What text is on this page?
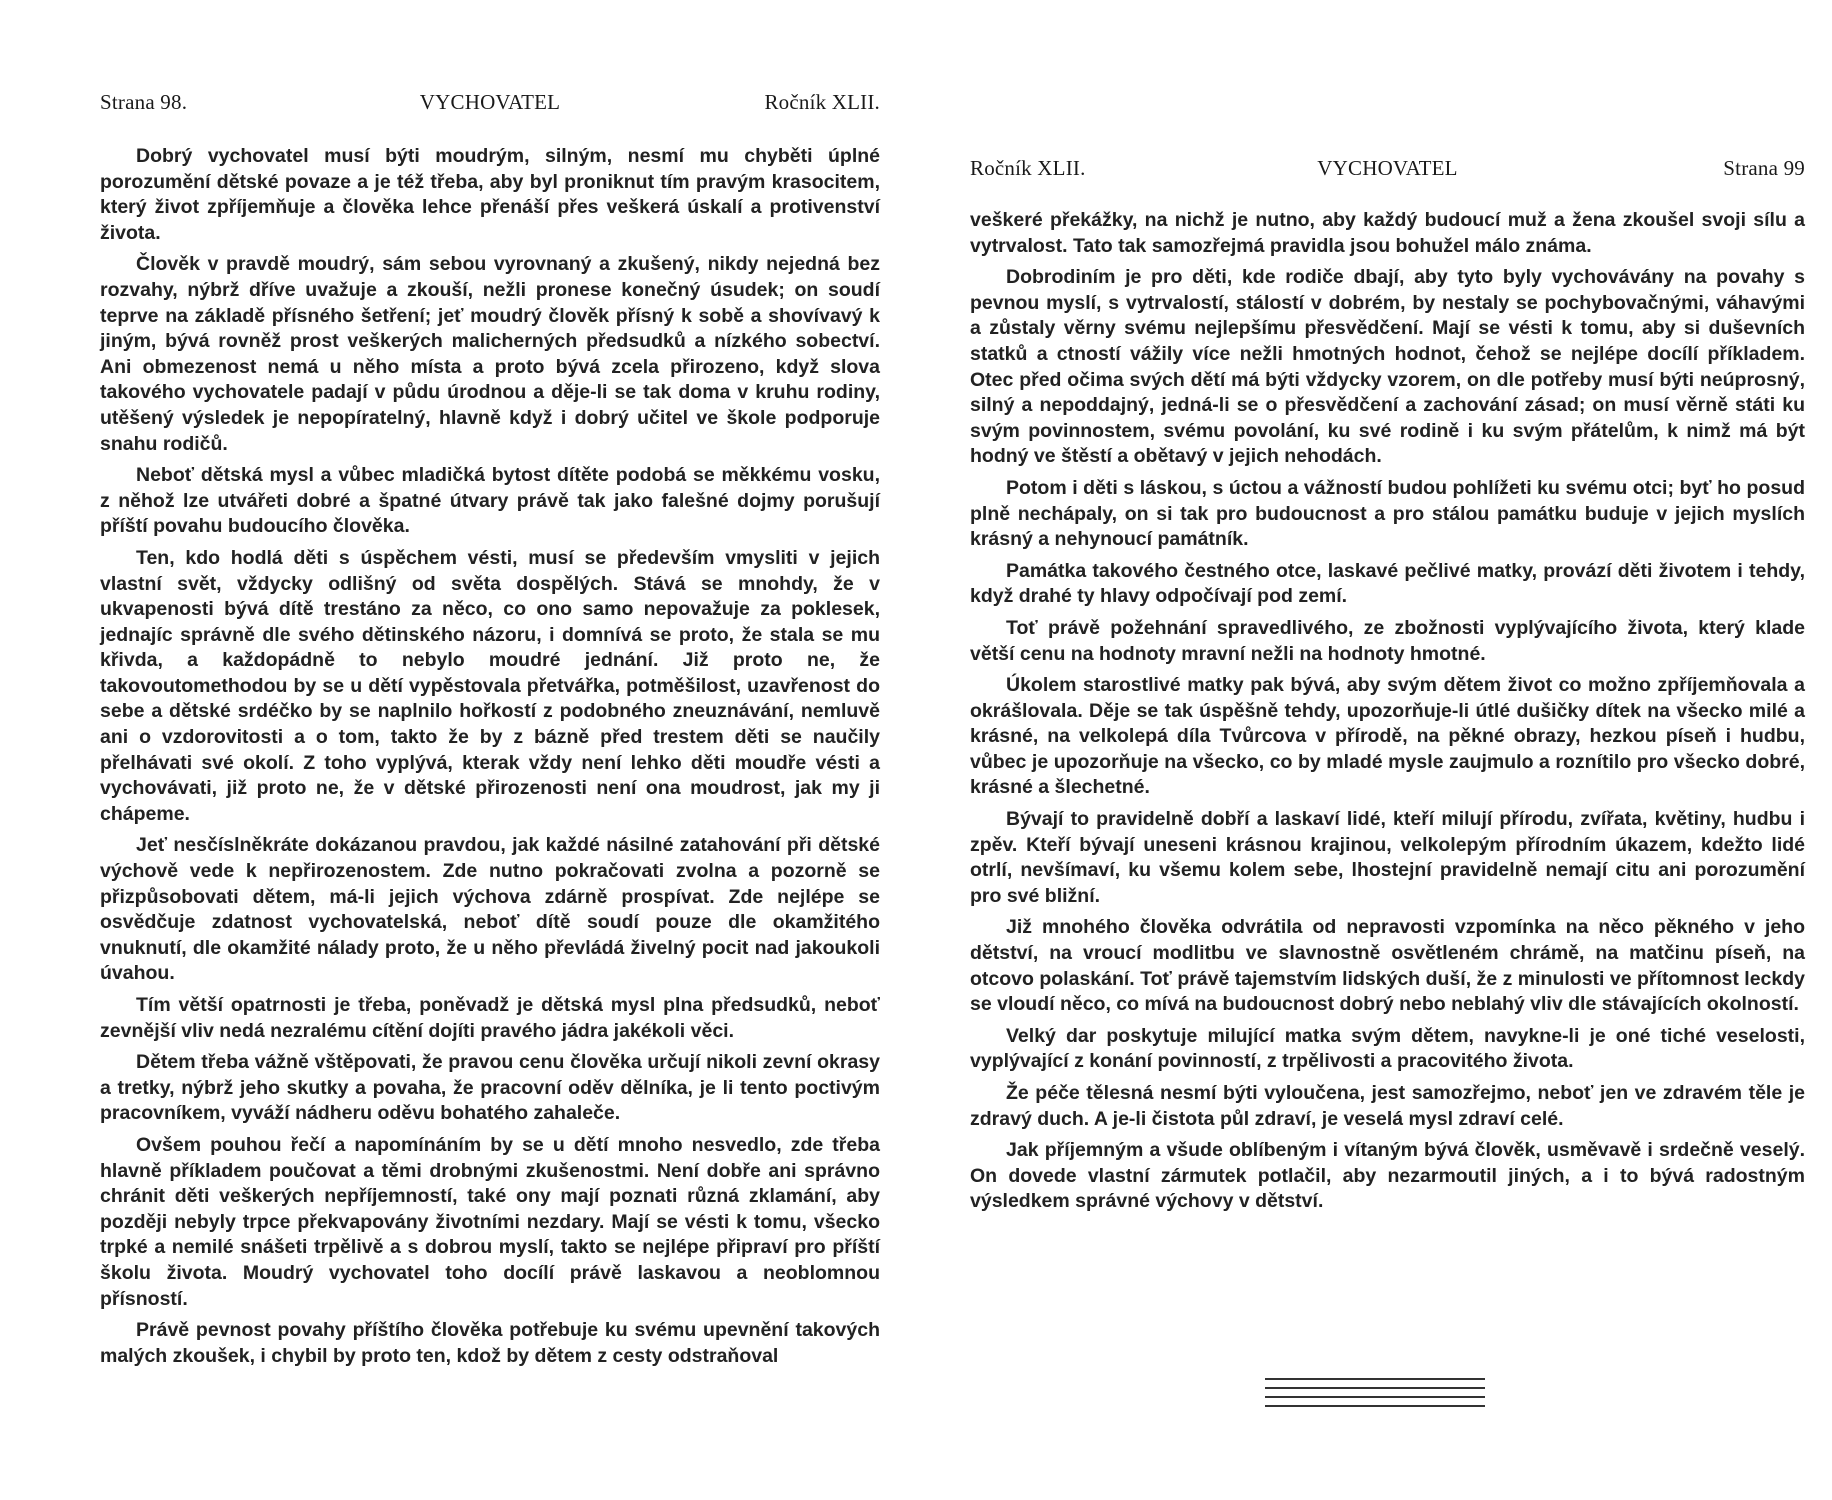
Strana 98.	VYCHOVATEL	Ročník XLII.

Dobrý vychovatel musí býti moudrým, silným, nesmí mu chyběti úplné porozumění dětské povaze a je též třeba, aby byl proniknut tím pravým krasocitem, který život zpříjemňuje a člověka lehce přenáší přes veškerá úskalí a protivenství života.

Člověk v pravdě moudrý, sám sebou vyrovnaný a zkušený, nikdy nejedná bez rozvahy, nýbrž dříve uvažuje a zkouší, nežli pronese konečný úsudek; on soudí teprve na základě přísného šetření; jeť moudrý člověk přísný k sobě a shovívavý k jiným, bývá rovněž prost veškerých malicherných předsudků a nízkého sobectví. Ani obmezenost nemá u něho místa a proto bývá zcela přirozeno, když slova takového vychovatele padají v půdu úrodnou a děje-li se tak doma v kruhu rodiny, utěšený výsledek je nepopíratelný, hlavně když i dobrý učitel ve škole podporuje snahu rodičů.

Neboť dětská mysl a vůbec mladičká bytost dítěte podobá se měkkému vosku, z něhož lze utvářeti dobré a špatné útvary právě tak jako falešné dojmy porušují příští povahu budoucího člověka.

Ten, kdo hodlá děti s úspěchem vésti, musí se především vmysliti v jejich vlastní svět, vždycky odlišný od světa dospělých. Stává se mnohdy, že v ukvapenosti bývá dítě trestáno za něco, co ono samo nepovažuje za poklesek, jednajíc správně dle svého dětinského názoru, i domnívá se proto, že stala se mu křivda, a každopádně to nebylo moudré jednání. Již proto ne, že takovoutomethodou by se u dětí vypěstovala přetvářka, potměšilost, uzavřenost do sebe a dětské srdéčko by se naplnilo hořkostí z podobného zneuznávání, nemluvě ani o vzdorovitosti a o tom, takto že by z bázně před trestem děti se naučily přelhávati své okolí. Z toho vyplývá, kterak vždy není lehko děti moudře vésti a vychovávati, již proto ne, že v dětské přirozenosti není ona moudrost, jak my ji chápeme.

Jeť nesčíslněkráte dokázanou pravdou, jak každé násilné zatahování při dětské výchově vede k nepřirozenostem. Zde nutno pokračovati zvolna a pozorně se přizpůsobovati dětem, má-li jejich výchova zdárně prospívat. Zde nejlépe se osvědčuje zdatnost vychovatelská, neboť dítě soudí pouze dle okamžitého vnuknutí, dle okamžité nálady proto, že u něho převládá živelný pocit nad jakoukoli úvahou.

Tím větší opatrnosti je třeba, poněvadž je dětská mysl plna předsudků, neboť zevnější vliv nedá nezralému cítění dojíti pravého jádra jakékoli věci.

Dětem třeba vážně vštěpovati, že pravou cenu člověka určují nikoli zevní okrasy a tretky, nýbrž jeho skutky a povaha, že pracovní oděv dělníka, je li tento poctivým pracovníkem, vyváží nádheru oděvu bohatého zahaleče.

Ovšem pouhou řečí a napomínáním by se u dětí mnoho nesvedlo, zde třeba hlavně příkladem poučovat a těmi drobnými zkušenostmi. Není dobře ani správno chránit děti veškerých nepříjemností, také ony mají poznati různá zklamání, aby později nebyly trpce překvapovány životními nezdary. Mají se vésti k tomu, všecko trpké a nemilé snášeti trpělivě a s dobrou myslí, takto se nejlépe připraví pro příští školu života. Moudrý vychovatel toho docílí právě laskavou a neoblomnou přísností.

Právě pevnost povahy příštího člověka potřebuje ku svému upevnění takových malých zkoušek, i chybil by proto ten, kdož by dětem z cesty odstraňoval

Ročník XLII.	VYCHOVATEL	Strana 99

veškeré překážky, na nichž je nutno, aby každý budoucí muž a žena zkoušel svoji sílu a vytrvalost. Tato tak samozřejmá pravidla jsou bohužel málo známa.

Dobrodiním je pro děti, kde rodiče dbají, aby tyto byly vychovávány na povahy s pevnou myslí, s vytrvalostí, stálostí v dobrém, by nestaly se pochybovačnými, váhavými a zůstaly věrny svému nejlepšímu přesvědčení. Mají se vésti k tomu, aby si duševních statků a ctností vážily více nežli hmotných hodnot, čehož se nejlépe docílí příkladem. Otec před očima svých dětí má býti vždycky vzorem, on dle potřeby musí býti neúprosný, silný a nepoddajný, jedná-li se o přesvědčení a zachování zásad; on musí věrně státi ku svým povinnostem, svému povolání, ku své rodině i ku svým přátelům, k nimž má být hodný ve štěstí a obětavý v jejich nehodách.

Potom i děti s láskou, s úctou a vážností budou pohlížeti ku svému otci; byť ho posud plně nechápaly, on si tak pro budoucnost a pro stálou památku buduje v jejich myslích krásný a nehynoucí památník.

Památka takového čestného otce, laskavé pečlivé matky, provází děti životem i tehdy, když drahé ty hlavy odpočívají pod zemí.

Toť právě požehnání spravedlivého, ze zbožnosti vyplývajícího života, který klade větší cenu na hodnoty mravní nežli na hodnoty hmotné.

Úkolem starostlivé matky pak bývá, aby svým dětem život co možno zpříjemňovala a okrášlovala. Děje se tak úspěšně tehdy, upozorňuje-li útlé dušičky dítek na všecko milé a krásné, na velkolepá díla Tvůrcova v přírodě, na pěkné obrazy, hezkou píseň i hudbu, vůbec je upozorňuje na všecko, co by mladé mysle zaujmulo a roznítilo pro všecko dobré, krásné a šlechetné.

Bývají to pravidelně dobří a laskaví lidé, kteří milují přírodu, zvířata, květiny, hudbu i zpěv. Kteří bývají uneseni krásnou krajinou, velkolepým přírodním úkazem, kdežto lidé otrlí, nevšímaví, ku všemu kolem sebe, lhostejní pravidelně nemají citu ani porozumění pro své bližní.

Již mnohého člověka odvrátila od nepravosti vzpomínka na něco pěkného v jeho dětství, na vroucí modlitbu ve slavnostně osvětleném chrámě, na matčinu píseň, na otcovo polaskání. Toť právě tajemstvím lidských duší, že z minulosti ve přítomnost leckdy se vloudí něco, co mívá na budoucnost dobrý nebo neblahý vliv dle stávajících okolností.

Velký dar poskytuje milující matka svým dětem, navykne-li je oné tiché veselosti, vyplývající z konání povinností, z trpělivosti a pracovitého života.

Že péče tělesná nesmí býti vyloučena, jest samozřejmo, neboť jen ve zdravém těle je zdravý duch. A je-li čistota půl zdraví, je veselá mysl zdraví celé.

Jak příjemným a všude oblíbeným i vítaným bývá člověk, usměvavě i srdečně veselý. On dovede vlastní zármutek potlačil, aby nezarmoutil jiných, a i to bývá radostným výsledkem správné výchovy v dětství.
